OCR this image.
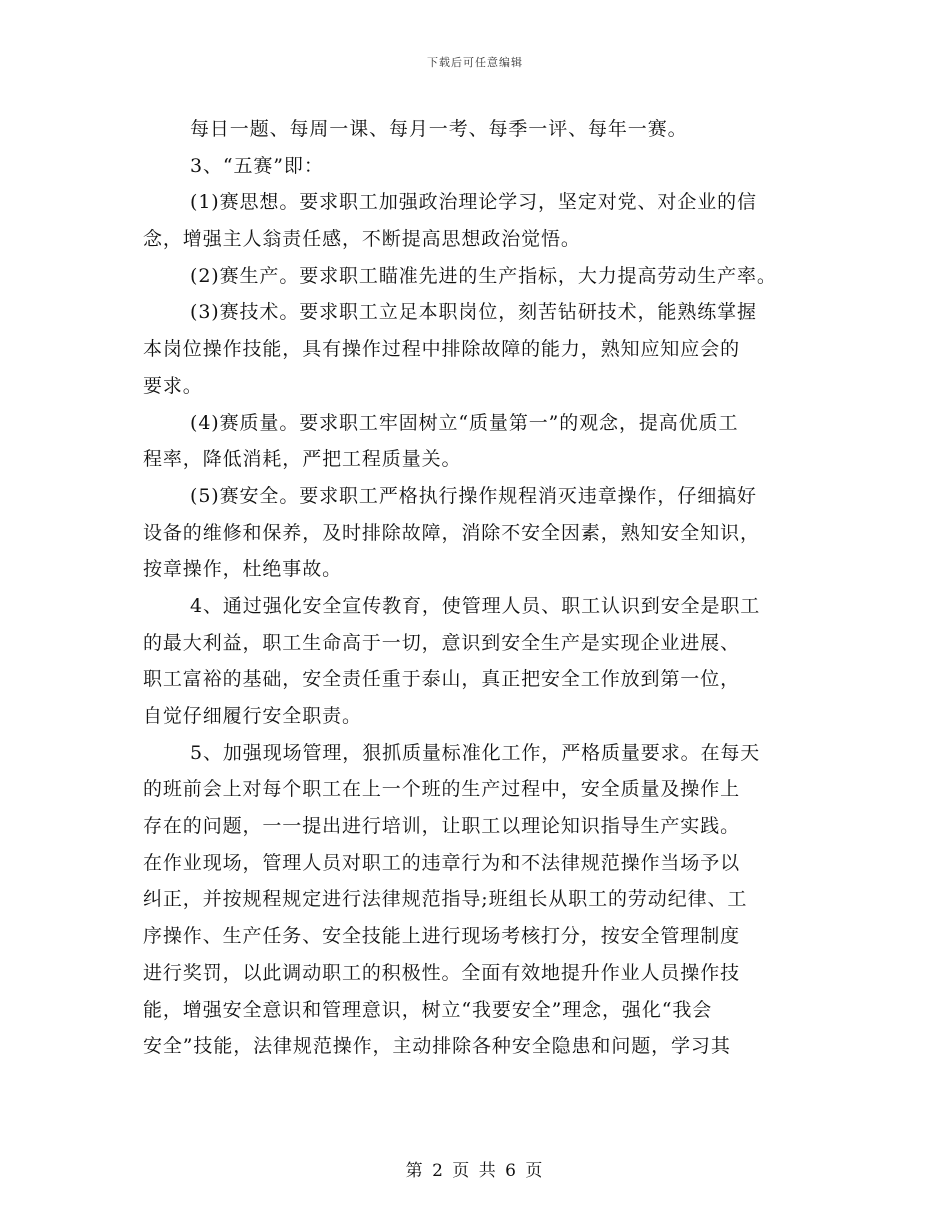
下载后可任意编辑
每日一题、每周一课、每月一考、每季一评、每年一赛。
3、“五赛”即：
(1)赛思想。要求职工加强政治理论学习，坚定对党、对企业的信
念，增强主人翁责任感，不断提高思想政治觉悟。
(2)赛生产。要求职工瞄准先进的生产指标，大力提高劳动生产率。
(3)赛技术。要求职工立足本职岗位，刻苦钻研技术，能熟练掌握
本岗位操作技能，具有操作过程中排除故障的能力，熟知应知应会的
要求。
(4)赛质量。要求职工牢固树立“质量第一”的观念，提高优质工
程率，降低消耗，严把工程质量关。
(5)赛安全。要求职工严格执行操作规程消灭违章操作，仔细搞好
设备的维修和保养，及时排除故障，消除不安全因素，熟知安全知识，
按章操作，杜绝事故。
4、通过强化安全宣传教育，使管理人员、职工认识到安全是职工
的最大利益，职工生命高于一切，意识到安全生产是实现企业进展、
职工富裕的基础，安全责任重于泰山，真正把安全工作放到第一位，
自觉仔细履行安全职责。
5、加强现场管理，狠抓质量标准化工作，严格质量要求。在每天
的班前会上对每个职工在上一个班的生产过程中，安全质量及操作上
存在的问题，一一提出进行培训，让职工以理论知识指导生产实践。
在作业现场，管理人员对职工的违章行为和不法律规范操作当场予以
纠正，并按规程规定进行法律规范指导;班组长从职工的劳动纪律、工
序操作、生产任务、安全技能上进行现场考核打分，按安全管理制度
进行奖罚，以此调动职工的积极性。全面有效地提升作业人员操作技
能，增强安全意识和管理意识，树立“我要安全”理念，强化“我会
安全”技能，法律规范操作，主动排除各种安全隐患和问题，学习其
第 2 页 共 6 页
